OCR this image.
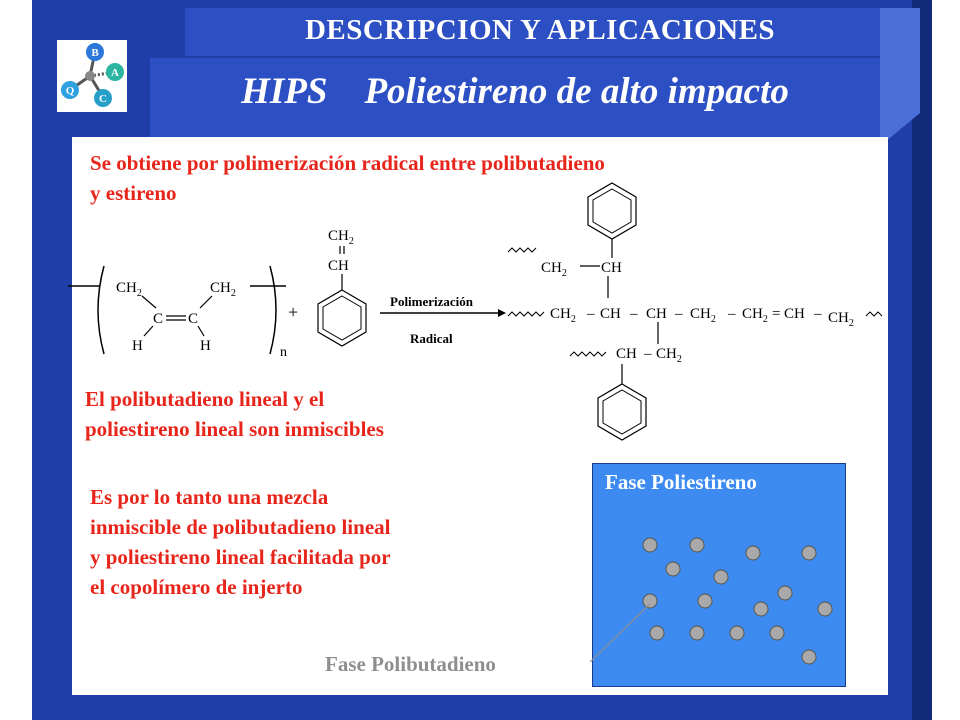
DESCRIPCION Y APLICACIONES
HIPS    Poliestireno de alto impacto
B
A
C
Q
Se obtiene por polimerización radical entre polibutadieno
y estireno
$CH_2$	$CH_2$
C C
H	H	n
+
$CH_2$
CH
Polimerización
Radical
$CH_2$ CH
$CH_2$ – CH – CH – $CH_2 - CH_2$ = CH – $CH_2$
CH – $CH_2$
El polibutadieno lineal y el
poliestireno lineal son inmiscibles
Es por lo tanto una mezcla
inmiscible de polibutadieno lineal
y poliestireno lineal facilitada por
el copolímero de injerto
Fase Poliestireno
Fase Polibutadieno
